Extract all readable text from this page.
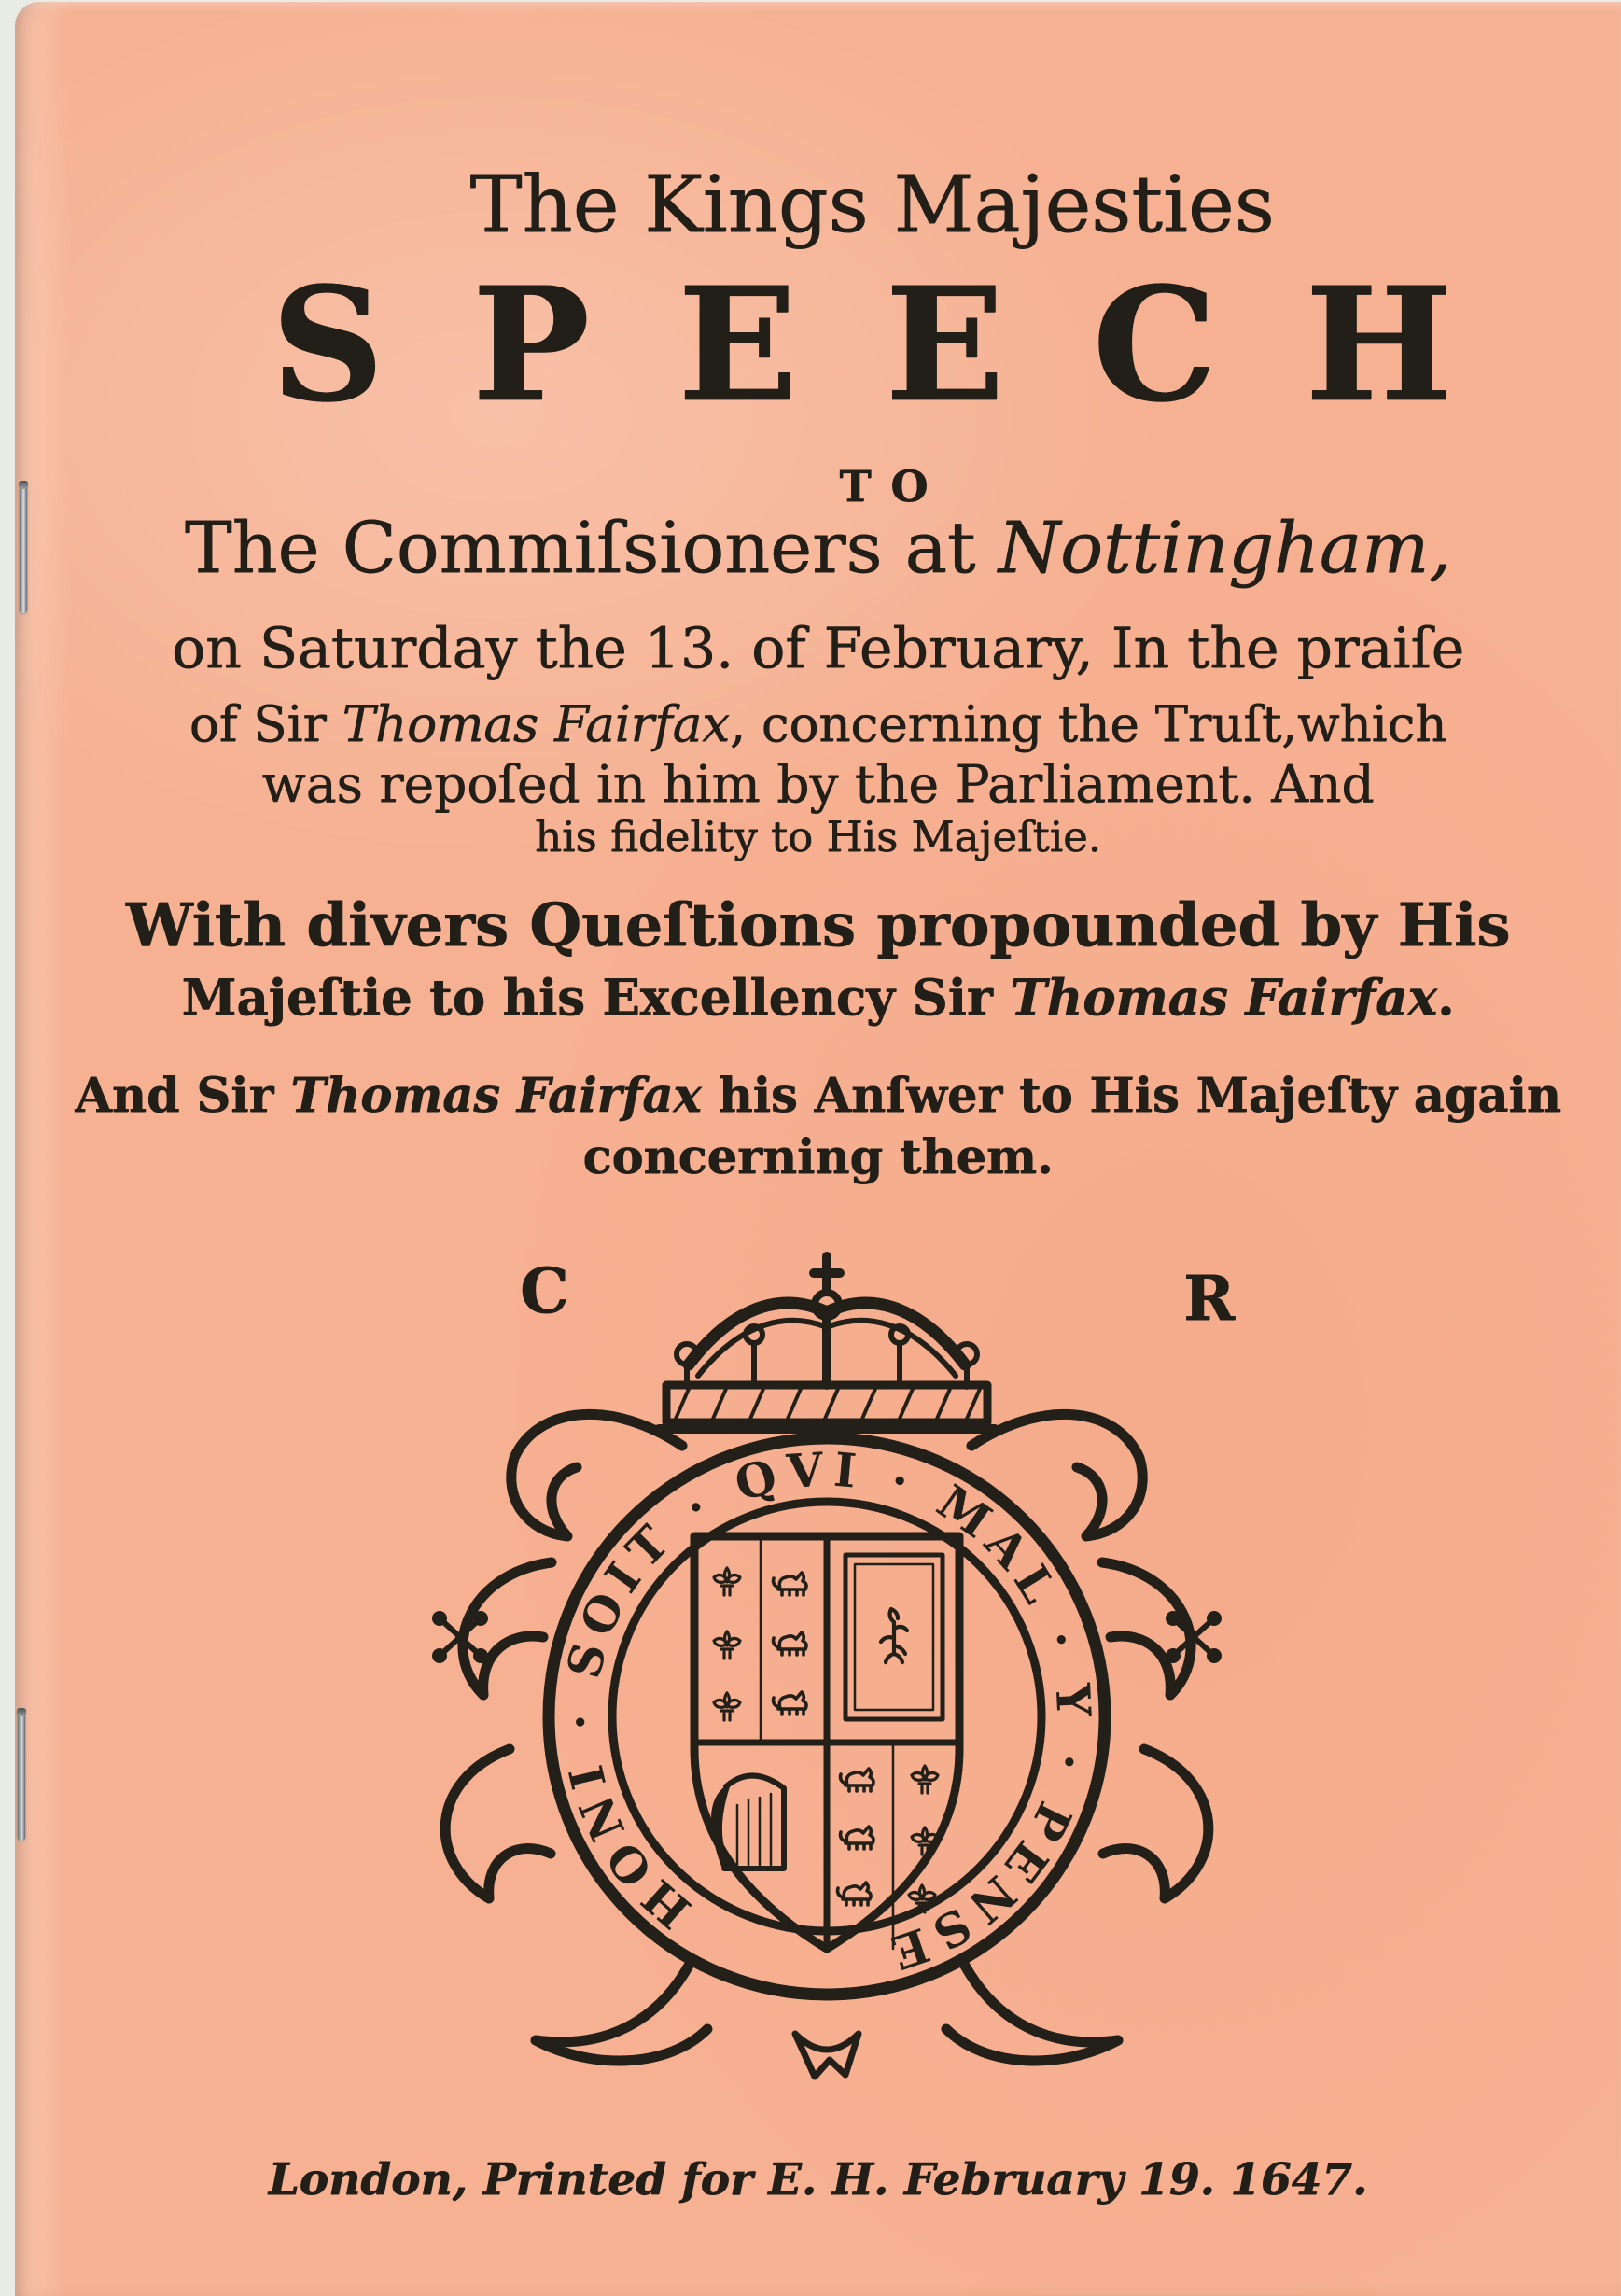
The Kings Majesties
SPEECH
TO
The Commiſsioners at Nottingham,
on Saturday the 13. of February, In the praiſe
of Sir Thomas Fairfax, concerning the Truſt,which
was repoſed in him by the Parliament. And
his fidelity to His Majeſtie.
With divers Queſtions propounded by His
Majeſtie to his Excellency Sir Thomas Fairfax.
And Sir Thomas Fairfax his Anſwer to His Majeſty again
concerning them.
C	R
HONI · SOIT · QVI · MAL · Y · PENSE
London, Printed for E. H. February 19. 1647.
